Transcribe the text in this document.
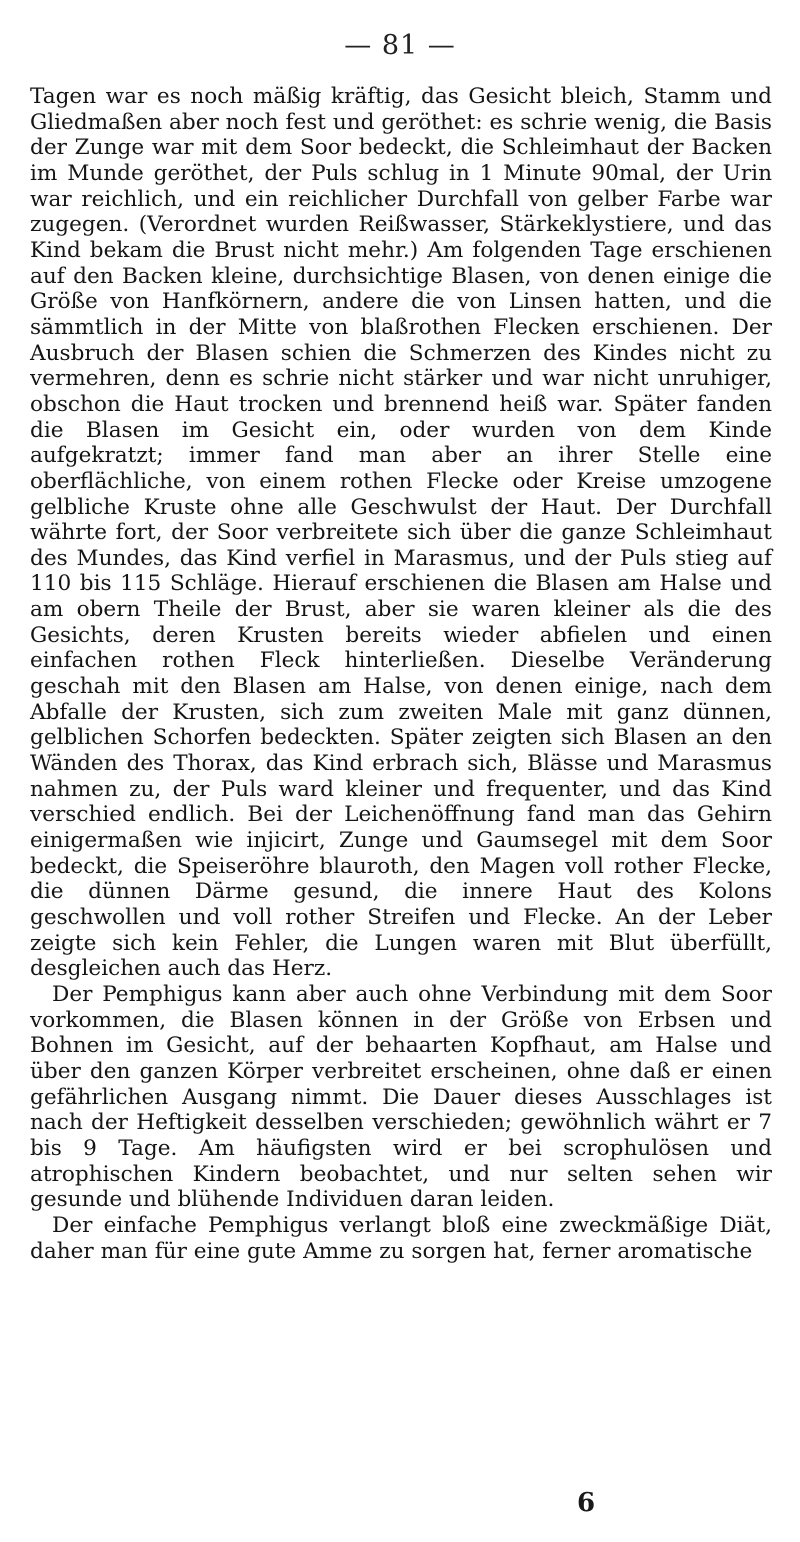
— 81 —

Tagen war es noch mäßig kräftig, das Gesicht bleich, Stamm und Gliedmaßen aber noch fest und geröthet: es schrie wenig, die Basis der Zunge war mit dem Soor bedeckt, die Schleimhaut der Backen im Munde geröthet, der Puls schlug in 1 Minute 90mal, der Urin war reichlich, und ein reichlicher Durchfall von gelber Farbe war zugegen. (Verordnet wurden Reißwasser, Stärkeklystiere, und das Kind bekam die Brust nicht mehr.) Am folgenden Tage erschienen auf den Backen kleine, durchsichtige Blasen, von denen einige die Größe von Hanfkörnern, andere die von Linsen hatten, und die sämmtlich in der Mitte von blaßrothen Flecken erschienen. Der Ausbruch der Blasen schien die Schmerzen des Kindes nicht zu vermehren, denn es schrie nicht stärker und war nicht unruhiger, obschon die Haut trocken und brennend heiß war. Später fanden die Blasen im Gesicht ein, oder wurden von dem Kinde aufgekratzt; immer fand man aber an ihrer Stelle eine oberflächliche, von einem rothen Flecke oder Kreise umzogene gelbliche Kruste ohne alle Geschwulst der Haut. Der Durchfall währte fort, der Soor verbreitete sich über die ganze Schleimhaut des Mundes, das Kind verfiel in Marasmus, und der Puls stieg auf 110 bis 115 Schläge. Hierauf erschienen die Blasen am Halse und am obern Theile der Brust, aber sie waren kleiner als die des Gesichts, deren Krusten bereits wieder abfielen und einen einfachen rothen Fleck hinterließen. Dieselbe Veränderung geschah mit den Blasen am Halse, von denen einige, nach dem Abfalle der Krusten, sich zum zweiten Male mit ganz dünnen, gelblichen Schorfen bedeckten. Später zeigten sich Blasen an den Wänden des Thorax, das Kind erbrach sich, Blässe und Marasmus nahmen zu, der Puls ward kleiner und frequenter, und das Kind verschied endlich. Bei der Leichenöffnung fand man das Gehirn einigermaßen wie injicirt, Zunge und Gaumsegel mit dem Soor bedeckt, die Speiseröhre blauroth, den Magen voll rother Flecke, die dünnen Därme gesund, die innere Haut des Kolons geschwollen und voll rother Streifen und Flecke. An der Leber zeigte sich kein Fehler, die Lungen waren mit Blut überfüllt, desgleichen auch das Herz.

Der Pemphigus kann aber auch ohne Verbindung mit dem Soor vorkommen, die Blasen können in der Größe von Erbsen und Bohnen im Gesicht, auf der behaarten Kopfhaut, am Halse und über den ganzen Körper verbreitet erscheinen, ohne daß er einen gefährlichen Ausgang nimmt. Die Dauer dieses Ausschlages ist nach der Heftigkeit desselben verschieden; gewöhnlich währt er 7 bis 9 Tage. Am häufigsten wird er bei scrophulösen und atrophischen Kindern beobachtet, und nur selten sehen wir gesunde und blühende Individuen daran leiden.

Der einfache Pemphigus verlangt bloß eine zweckmäßige Diät, daher man für eine gute Amme zu sorgen hat, ferner aromatische

6
